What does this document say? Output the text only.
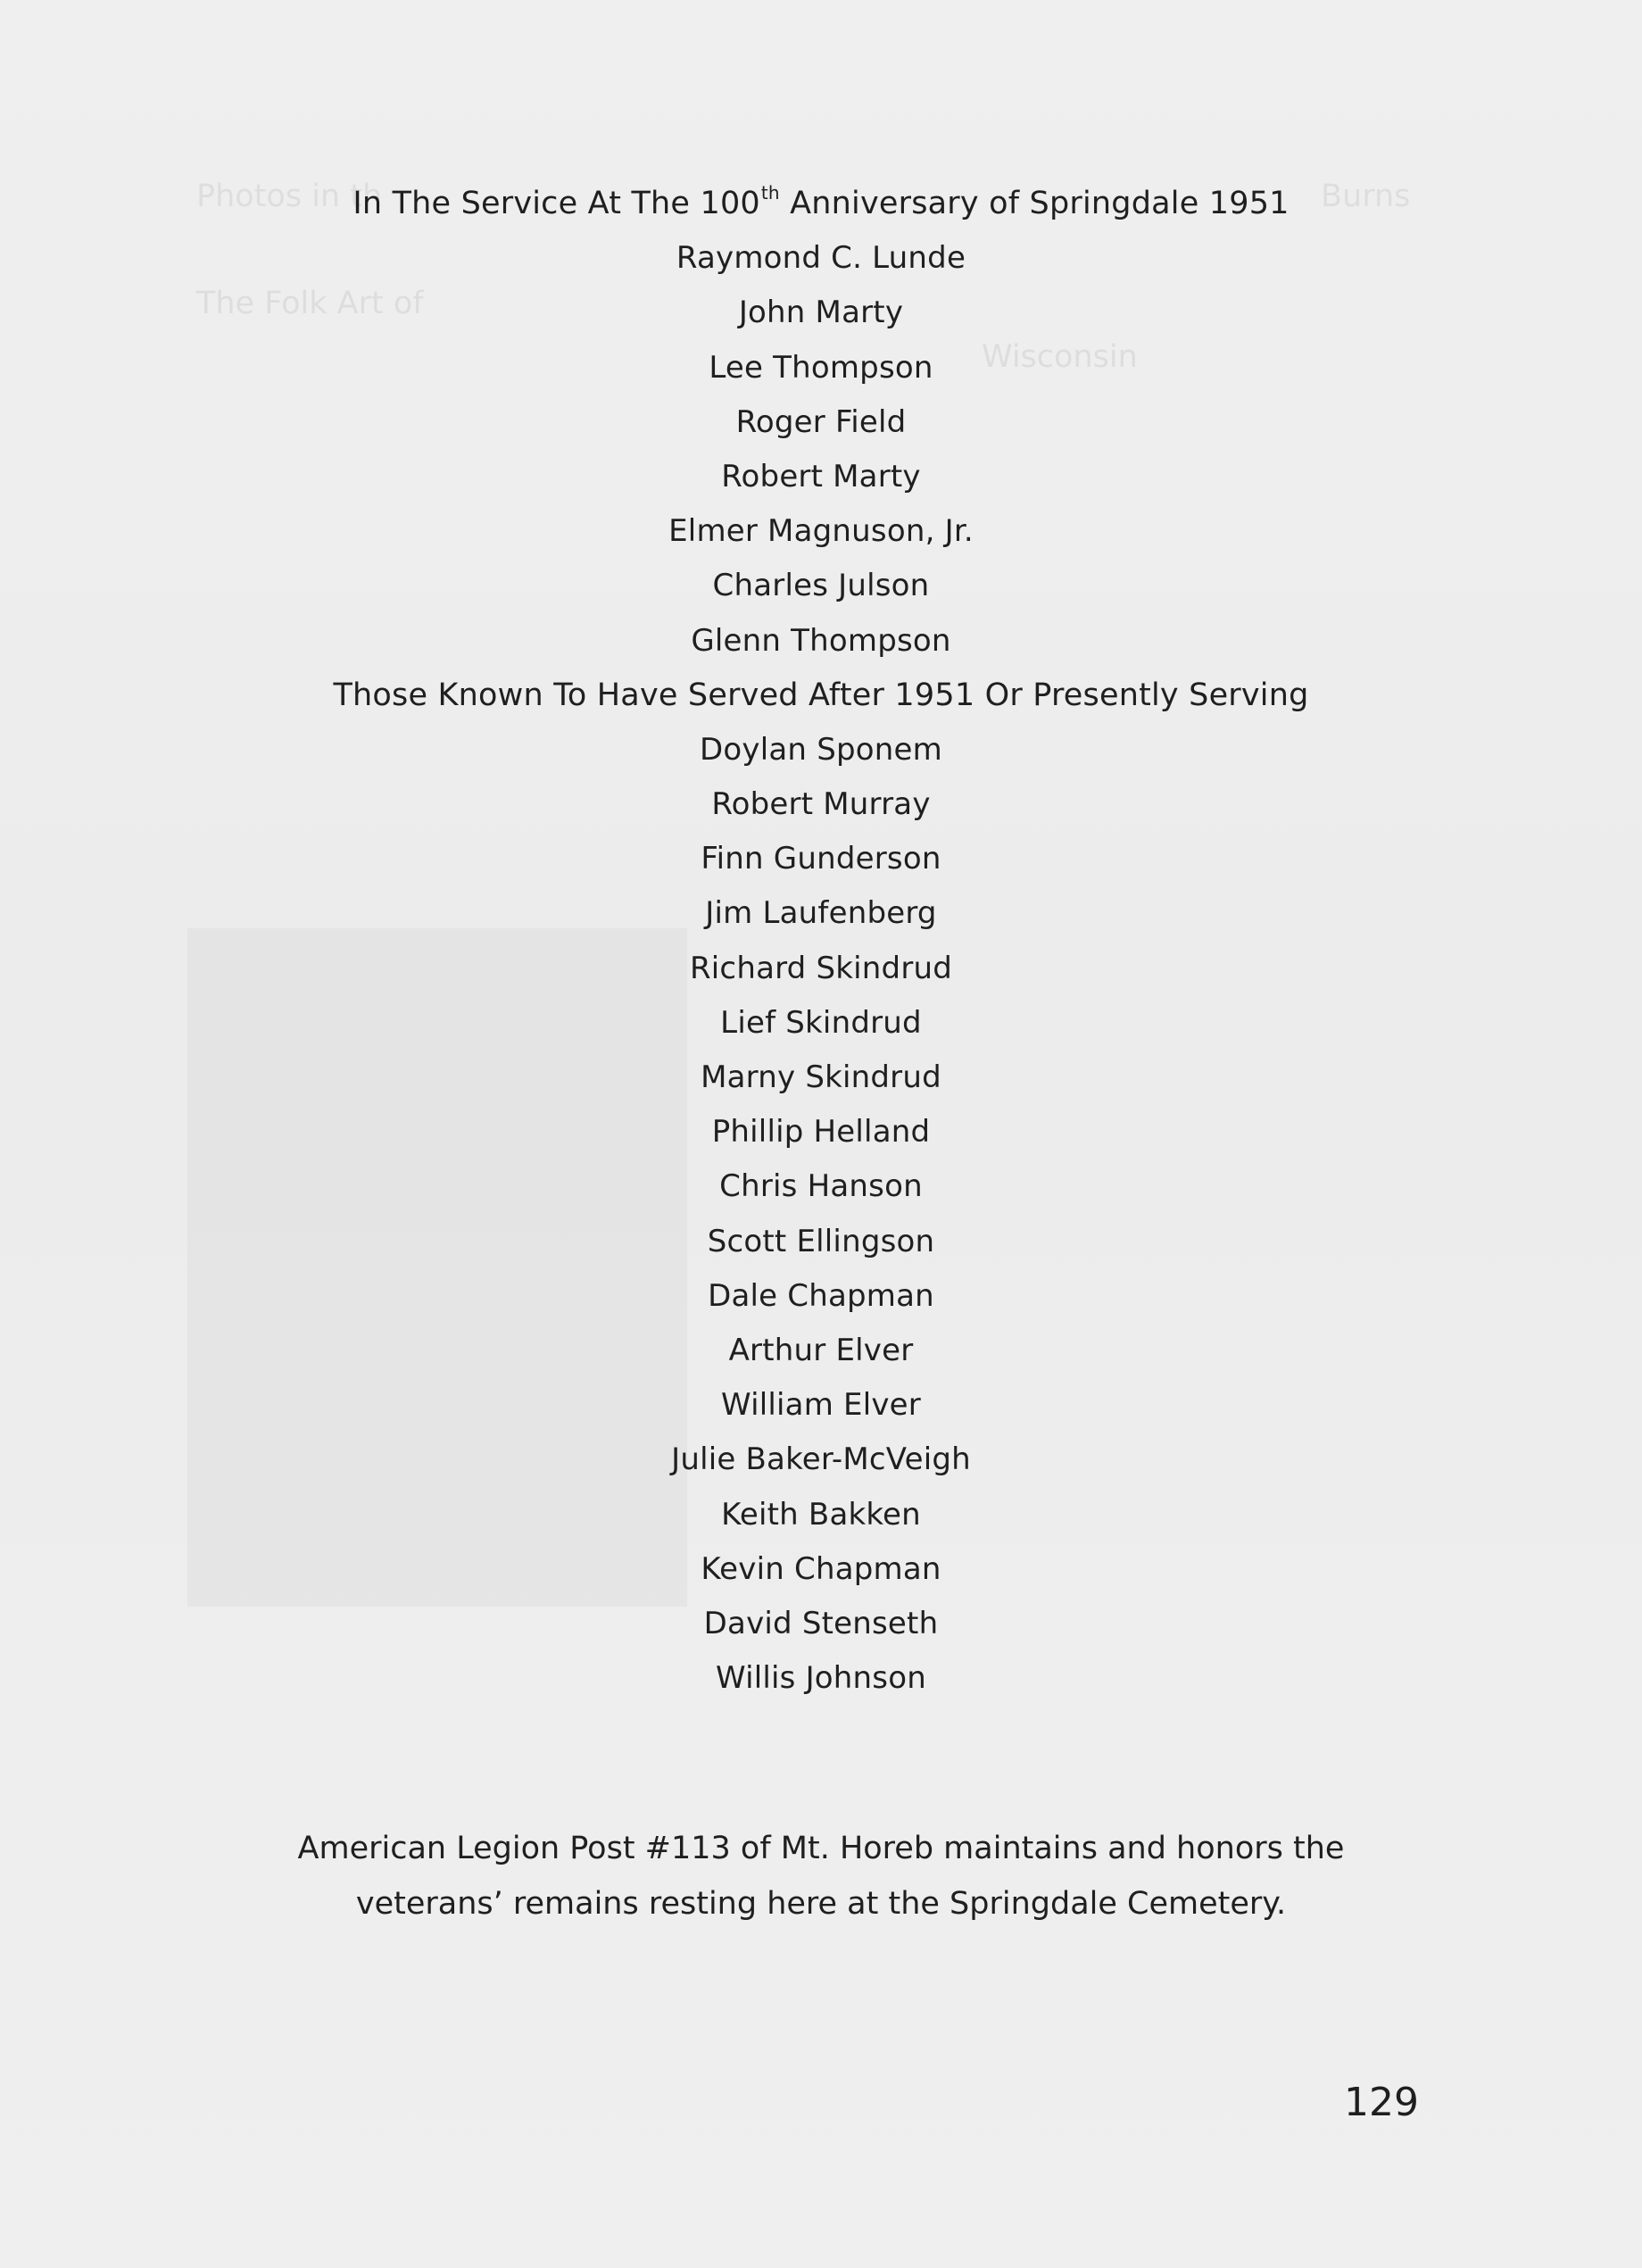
Photos in th	Burns
The Folk Art of
Wisconsin
In The Service At The 100th Anniversary of Springdale 1951
Raymond C. Lunde
John Marty
Lee Thompson
Roger Field
Robert Marty
Elmer Magnuson, Jr.
Charles Julson
Glenn Thompson
Those Known To Have Served After 1951 Or Presently Serving
Doylan Sponem
Robert Murray
Finn Gunderson
Jim Laufenberg
Richard Skindrud
Lief Skindrud
Marny Skindrud
Phillip Helland
Chris Hanson
Scott Ellingson
Dale Chapman
Arthur Elver
William Elver
Julie Baker-McVeigh
Keith Bakken
Kevin Chapman
David Stenseth
Willis Johnson
American Legion Post #113 of Mt. Horeb maintains and honors the
veterans’ remains resting here at the Springdale Cemetery.
129
